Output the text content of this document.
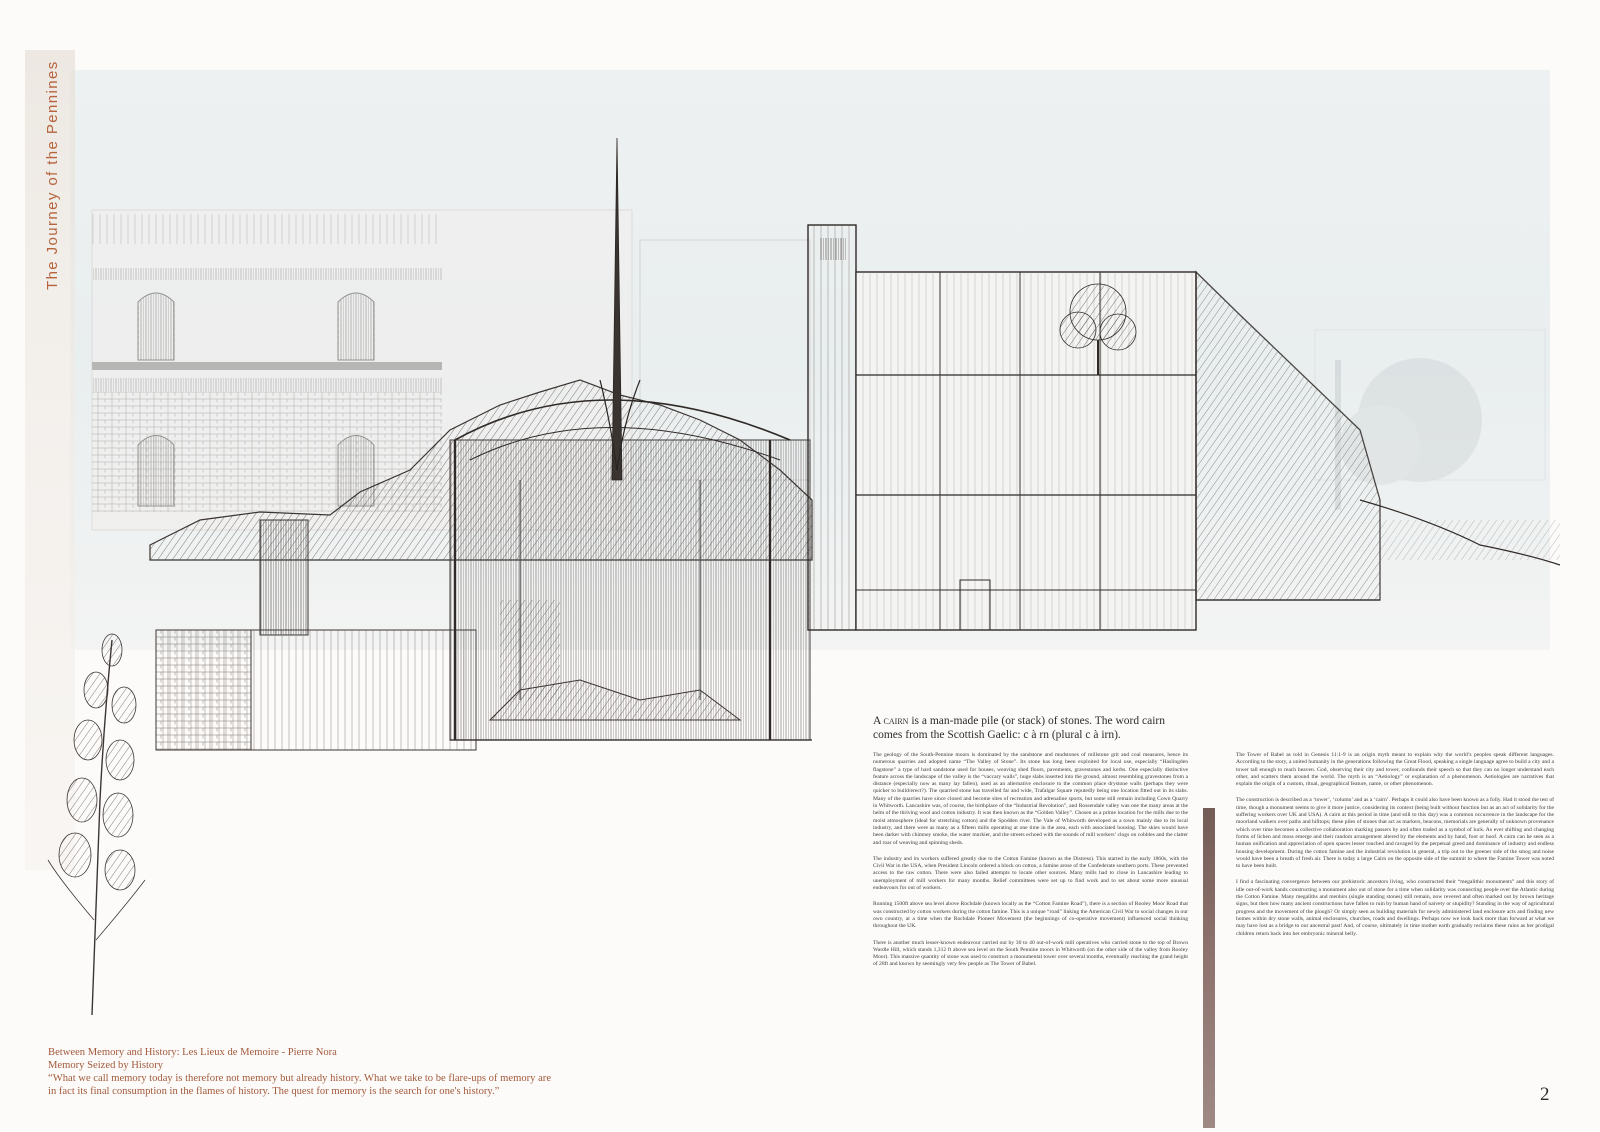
The Journey of the Pennines
Between Memory and History: Les Lieux de Memoire - Pierre Nora
Memory Seized by History
“What we call memory today is therefore not memory but already history. What we take to be flare-ups of memory are
in fact its final consumption in the flames of history. The quest for memory is the search for one's history.”
A cairn is a man-made pile (or stack) of stones. The word cairn comes from the Scottish Gaelic: c à rn (plural c à irn).

The geology of the South-Pennine moors is dominated by the sandstone and mudstones of millstone grit and coal measures, hence its numerous quarries and adopted name “The Valley of Stone”. Its stone has long been exploited for local use, especially “Haslingden flagstone” a type of hard sandstone used for houses, weaving shed floors, pavements, gravestones and kerbs. One especially distinctive feature across the landscape of the valley is the “vaccary walls”, huge slabs inserted into the ground, almost resembling gravestones from a distance (especially now as many lay fallen), used as an alternative enclosure to the common place drystone walls (perhaps they were quicker to build/erect?). The quarried stone has travelled far and wide, Trafalgar Square reputedly being one location fitted out in its slabs. Many of the quarries have since closed and become sites of recreation and adrenaline sports, but some still remain including Cown Quarry in Whitworth. Lancashire was, of course, the birthplace of the “Industrial Revolution”, and Rossendale valley was one the many areas at the helm of the thriving wool and cotton industry. It was then known as the “Golden Valley”. Chosen as a prime location for the mills due to the moist atmosphere (ideal for stretching cotton) and the Spodden river. The Vale of Whitworth developed as a town mainly due to its local industry, and there were as many as a fifteen mills operating at one time in the area, each with associated housing. The skies would have been darker with chimney smoke, the water murkier, and the streets echoed with the sounds of mill workers’ clogs on cobbles and the clatter and roar of weaving and spinning sheds.

The industry and its workers suffered greatly due to the Cotton Famine (known as the Distress). This started in the early 1860s, with the Civil War in the USA, when President Lincoln ordered a block on cotton, a famine arose of the Confederate southern ports. These prevented access to the raw cotton. There were also failed attempts to locate other sources. Many mills had to close in Lancashire leading to unemployment of mill workers for many months. Relief committees were set up to find work and to set about some more unusual endeavours for out of workers.

Running 1500ft above sea level above Rochdale (known locally as the “Cotton Famine Road”), there is a section of Rooley Moor Road that was constructed by cotton workers during the cotton famine. This is a unique “road” linking the American Civil War to social changes in our own country, at a time when the Rochdale Pioneer Movement (the beginnings of co-operative movement) influenced social thinking throughout the UK.

There is another much lesser-known endeavour carried out by 30 to 40 out-of-work mill operatives who carried stone to the top of Brown Wardle Hill, which stands 1,312 ft above sea level on the South Pennine moors in Whitworth (on the other side of the valley from Rooley Moor). This massive quantity of stone was used to construct a monumental tower over several months, eventually reaching the grand height of 28ft and known by seemingly very few people as The Tower of Babel.

The Tower of Babel as told in Genesis 11:1-9 is an origin myth meant to explain why the world’s peoples speak different languages. According to the story, a united humanity in the generations following the Great Flood, speaking a single language agree to build a city and a tower tall enough to reach heaven. God, observing their city and tower, confounds their speech so that they can no longer understand each other, and scatters them around the world. The myth is an “Aetiology” or explanation of a phenomenon. Aetiologies are narratives that explain the origin of a custom, ritual, geographical feature, name, or other phenomenon.

The construction is described as a ‘tower’, ‘column’ and as a ‘cairn’. Perhaps it could also have been known as a folly. Had it stood the test of time, though a monument seems to give it more justice, considering its context (being built without function but as an act of solidarity for the suffering workers over UK and USA). A cairn at this period in time (and still to this day) was a common occurrence in the landscape for the moorland walkers over paths and hilltops; these piles of stones that act as markers, beacons, memorials are generally of unknown provenance which over time becomes a collective collaboration marking passers by and often traded as a symbol of luck. As ever shifting and changing forms of lichen and moss emerge and their random arrangement altered by the elements and by hand, foot or hoof. A cairn can be seen as a human unification and appreciation of open spaces lesser touched and ravaged by the perpetual greed and dominance of industry and endless housing development. During the cotton famine and the industrial revolution in general, a trip out to the greener side of the smog and noise would have been a breath of fresh air. There is today a large Cairn on the opposite side of the summit to where the Famine Tower was noted to have been built.

I find a fascinating convergence between our prehistoric ancestors living, who constructed their “megalithic monuments” and this story of idle out-of-work hands constructing a monument also out of stone for a time when solidarity was connecting people over the Atlantic during the Cotton Famine. Many megaliths and menhirs (single standing stones) still remain, now revered and often marked out by brown heritage signs, but then how many ancient constructions have fallen to ruin by human hand of naivety or stupidity? Standing in the way of agricultural progress and the movement of the plough? Or simply seen as building materials for newly administered land enclosure acts and finding new homes within dry stone walls, animal enclosures, churches, roads and dwellings. Perhaps now we look back more than forward at what we may have lost as a bridge to our ancestral past! And, of course, ultimately in time mother earth gradually reclaims these ruins as her prodigal children return back into her embryonic mineral belly.

2
